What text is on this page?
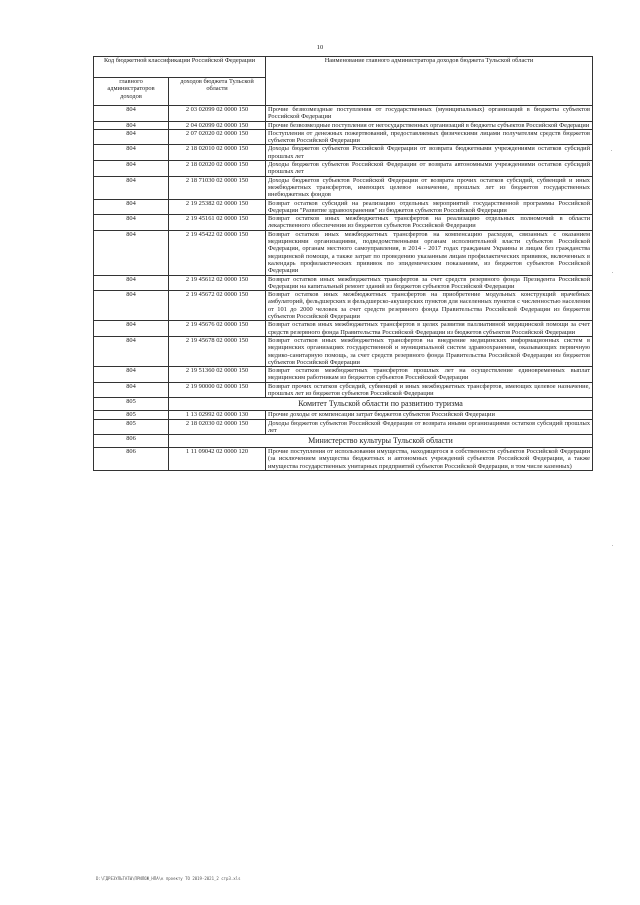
10
Код бюджетной классификации Российской Федерации		Наименование главного администратора доходов бюджета Тульской области
главного администраторов доходов	доходов бюджета Тульской области	
804	2 03 02099 02 0000 150	Прочие безвозмездные поступления от государственных (муниципальных) организаций в бюджеты субъектов Российской Федерации
804	2 04 02099 02 0000 150	Прочие безвозмездные поступления от негосударственных организаций в бюджеты субъектов Российской Федерации
804	2 07 02020 02 0000 150	Поступления от денежных пожертвований, предоставляемых физическими лицами получателям средств бюджетов субъектов Российской Федерации
804	2 18 02010 02 0000 150	Доходы бюджетов субъектов Российской Федерации от возврата бюджетными учреждениями остатков субсидий прошлых лет
804	2 18 02020 02 0000 150	Доходы бюджетов субъектов Российской Федерации от возврата автономными учреждениями остатков субсидий прошлых лет
804	2 18 71030 02 0000 150	Доходы бюджетов субъектов Российской Федерации от возврата прочих остатков субсидий, субвенций и иных межбюджетных трансфертов, имеющих целевое назначение, прошлых лет из бюджетов государственных внебюджетных фондов
804	2 19 25382 02 0000 150	Возврат остатков субсидий на реализацию отдельных мероприятий государственной программы Российской Федерации "Развитие здравоохранения" из бюджетов субъектов Российской Федерации
804	2 19 45161 02 0000 150	Возврат остатков иных межбюджетных трансфертов на реализацию отдельных полномочий в области лекарственного обеспечения из бюджетов субъектов Российской Федерации
804	2 19 45422 02 0000 150	Возврат остатков иных межбюджетных трансфертов на компенсацию расходов, связанных с оказанием медицинскими организациями, подведомственными органам исполнительной власти субъектов Российской Федерации, органам местного самоуправления, в 2014 - 2017 годах гражданам Украины и лицам без гражданства медицинской помощи, а также затрат по проведению указанным лицам профилактических прививок, включенных в календарь профилактических прививок по эпидемическим показаниям, из бюджетов субъектов Российской Федерации
804	2 19 45612 02 0000 150	Возврат остатков иных межбюджетных трансфертов за счет средств резервного фонда Президента Российской Федерации на капитальный ремонт зданий из бюджетов субъектов Российской Федерации
804	2 19 45672 02 0000 150	Возврат остатков иных межбюджетных трансфертов на приобретение модульных конструкций врачебных амбулаторий, фельдшерских и фельдшерско-акушерских пунктов для населенных пунктов с численностью населения от 101 до 2000 человек за счет средств резервного фонда Правительства Российской Федерации из бюджетов субъектов Российской Федерации
804	2 19 45676 02 0000 150	Возврат остатков иных межбюджетных трансфертов в целях развития паллиативной медицинской помощи за счет средств резервного фонда Правительства Российской Федерации из бюджетов субъектов Российской Федерации
804	2 19 45678 02 0000 150	Возврат остатков иных межбюджетных трансфертов на внедрение медицинских информационных систем в медицинских организациях государственной и муниципальной систем здравоохранения, оказывающих первичную медико-санитарную помощь, за счет средств резервного фонда Правительства Российской Федерации из бюджетов субъектов Российской Федерации
804	2 19 51360 02 0000 150	Возврат остатков межбюджетных трансфертов прошлых лет на осуществление единовременных выплат медицинским работникам из бюджетов субъектов Российской Федерации
804	2 19 90000 02 0000 150	Возврат прочих остатков субсидий, субвенций и иных межбюджетных трансфертов, имеющих целевое назначение, прошлых лет из бюджетов субъектов Российской Федерации
805	Комитет Тульской области по развитию туризма	
805	1 13 02992 02 0000 130	Прочие доходы от компенсации затрат бюджетов субъектов Российской Федерации
805	2 18 02030 02 0000 150	Доходы бюджетов субъектов Российской Федерации от возврата иными организациями остатков субсидий прошлых лет
806	Министерство культуры Тульской области	
806	1 11 09042 02 0000 120	Прочие поступления от использования имущества, находящегося в собственности субъектов Российской Федерации (за исключением имущества бюджетных и автономных учреждений субъектов Российской Федерации, а также имущества государственных унитарных предприятий субъектов Российской Федерации, в том числе казенных)
D:\ГДРЕЗУЛЬТАТЫ\ПРИЛОЖ_НПА\к проекту ТО 2019-2021_2 стр3.xls
